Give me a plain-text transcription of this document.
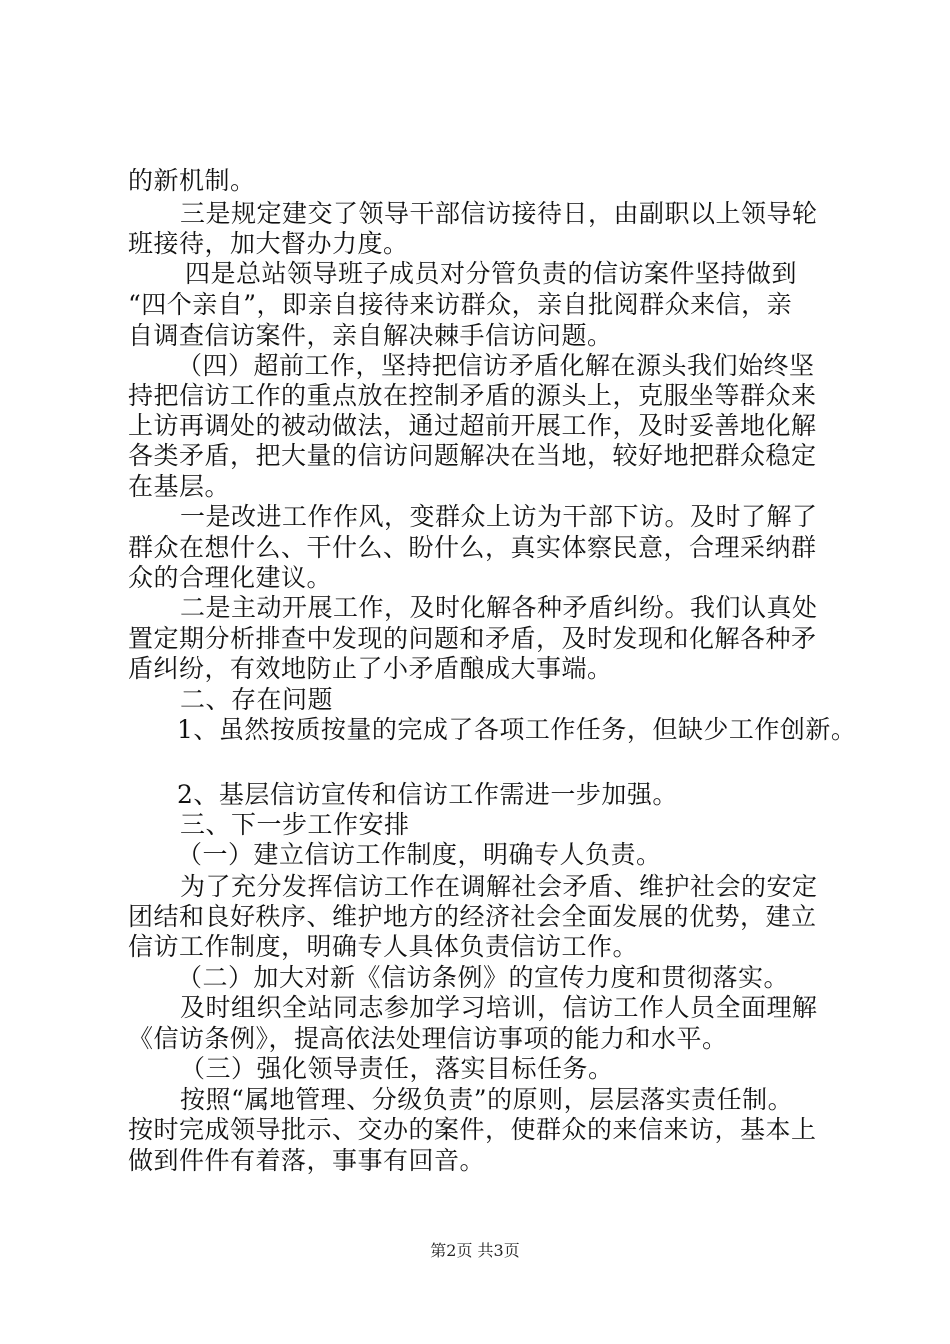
的新机制。
三是规定建交了领导干部信访接待日，由副职以上领导轮
班接待，加大督办力度。
四是总站领导班子成员对分管负责的信访案件坚持做到
“四个亲自”，即亲自接待来访群众，亲自批阅群众来信，亲
自调查信访案件，亲自解决棘手信访问题。
（四）超前工作，坚持把信访矛盾化解在源头我们始终坚
持把信访工作的重点放在控制矛盾的源头上，克服坐等群众来
上访再调处的被动做法，通过超前开展工作，及时妥善地化解
各类矛盾，把大量的信访问题解决在当地，较好地把群众稳定
在基层。
一是改进工作作风，变群众上访为干部下访。及时了解了
群众在想什么、干什么、盼什么，真实体察民意，合理采纳群
众的合理化建议。
二是主动开展工作，及时化解各种矛盾纠纷。我们认真处
置定期分析排查中发现的问题和矛盾，及时发现和化解各种矛
盾纠纷，有效地防止了小矛盾酿成大事端。
二、存在问题
1、虽然按质按量的完成了各项工作任务，但缺少工作创新。
2、基层信访宣传和信访工作需进一步加强。
三、下一步工作安排
（一）建立信访工作制度，明确专人负责。
为了充分发挥信访工作在调解社会矛盾、维护社会的安定
团结和良好秩序、维护地方的经济社会全面发展的优势，建立
信访工作制度，明确专人具体负责信访工作。
（二）加大对新《信访条例》的宣传力度和贯彻落实。
及时组织全站同志参加学习培训，信访工作人员全面理解
《信访条例》，提高依法处理信访事项的能力和水平。
（三）强化领导责任，落实目标任务。
按照“属地管理、分级负责”的原则，层层落实责任制。
按时完成领导批示、交办的案件，使群众的来信来访，基本上
做到件件有着落，事事有回音。
第2页 共3页
